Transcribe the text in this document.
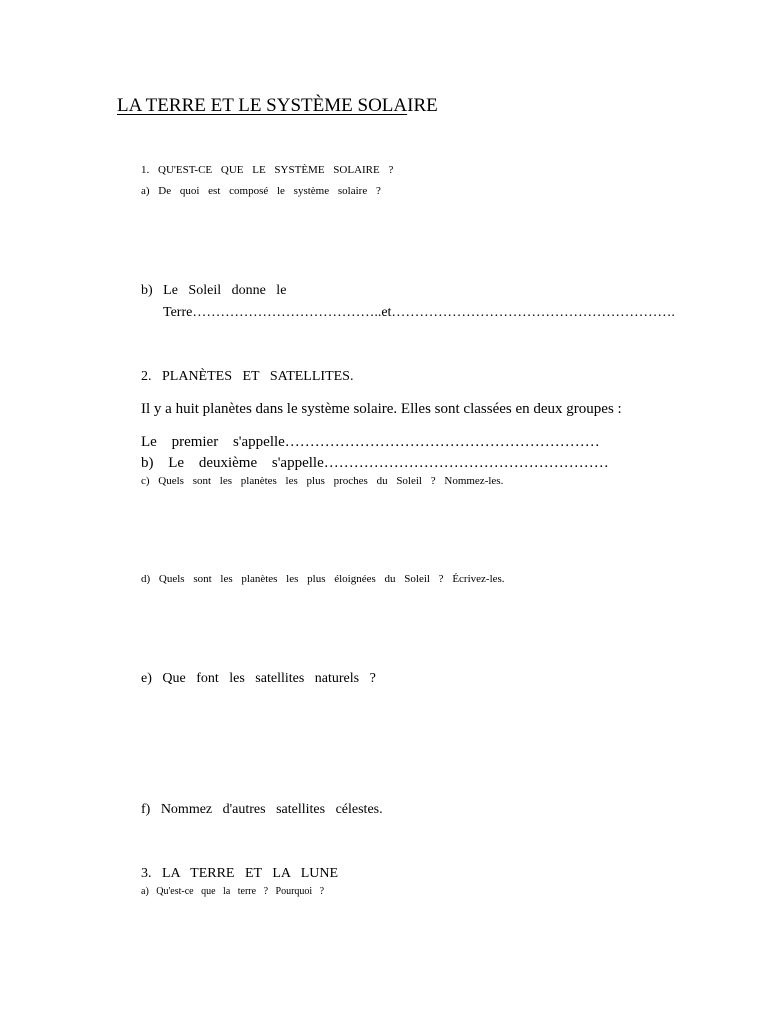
LA TERRE ET LE SYSTÈME SOLAIRE
1. QU'EST-CE QUE LE SYSTÈME SOLAIRE ?
a) De quoi est composé le système solaire ?
b) Le Soleil donne le
Terre…………………………………..et…………………………………………………….
2. PLANÈTES ET SATELLITES.
Il y a huit planètes dans le système solaire. Elles sont classées en deux groupes :
Le premier s'appelle………………………………………………………
b) Le deuxième s'appelle…………………………………………………
c) Quels sont les planètes les plus proches du Soleil ? Nommez-les.
d) Quels sont les planètes les plus éloignées du Soleil ? Écrivez-les.
e) Que font les satellites naturels ?
f) Nommez d'autres satellites célestes.
3. LA TERRE ET LA LUNE
a) Qu'est-ce que la terre ? Pourquoi ?
